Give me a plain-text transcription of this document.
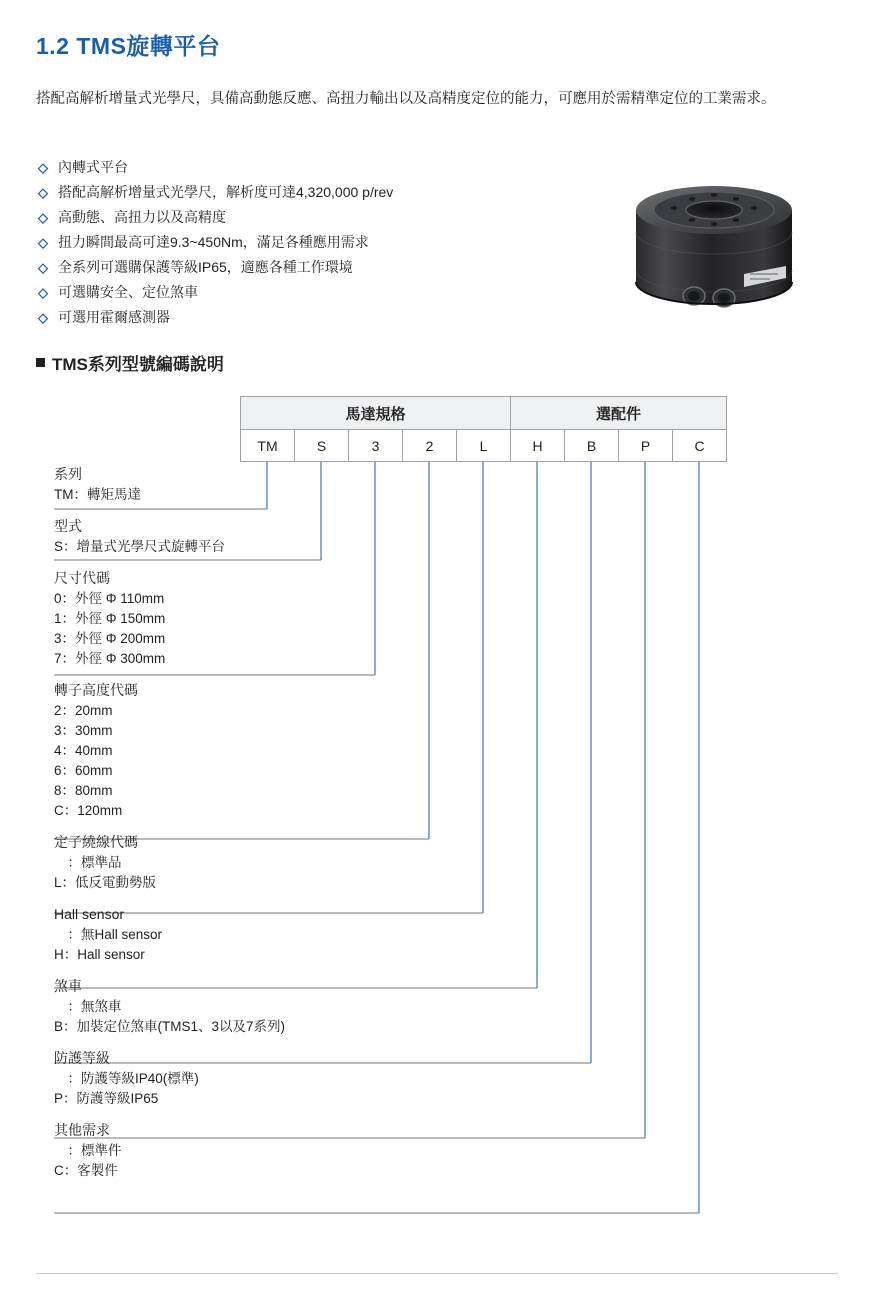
1.2 TMS旋轉平台
搭配高解析增量式光學尺，具備高動態反應、高扭力輸出以及高精度定位的能力，可應用於需精準定位的工業需求。
◇ 內轉式平台
◇ 搭配高解析增量式光學尺，解析度可達4,320,000 p/rev
◇ 高動態、高扭力以及高精度
◇ 扭力瞬間最高可達9.3~450Nm，滿足各種應用需求
◇ 全系列可選購保護等級IP65，適應各種工作環境
◇ 可選購安全、定位煞車
◇ 可選用霍爾感測器
TMS系列型號編碼說明
馬達規格					選配件			
TM	S	3	2	L	H	B	P	C
系列
TM：轉矩馬達
型式
S：增量式光學尺式旋轉平台
尺寸代碼
0：外徑 Φ 110mm
1：外徑 Φ 150mm
3：外徑 Φ 200mm
7：外徑 Φ 300mm
轉子高度代碼
2：20mm
3：30mm
4：40mm
6：60mm
8：80mm
C：120mm
定子繞線代碼
　：標準品
L：低反電動勢版
Hall sensor
　：無Hall sensor
H：Hall sensor
煞車
　：無煞車
B：加裝定位煞車(TMS1、3以及7系列)
防護等級
　：防護等級IP40(標準)
P：防護等級IP65
其他需求
　：標準件
C：客製件
